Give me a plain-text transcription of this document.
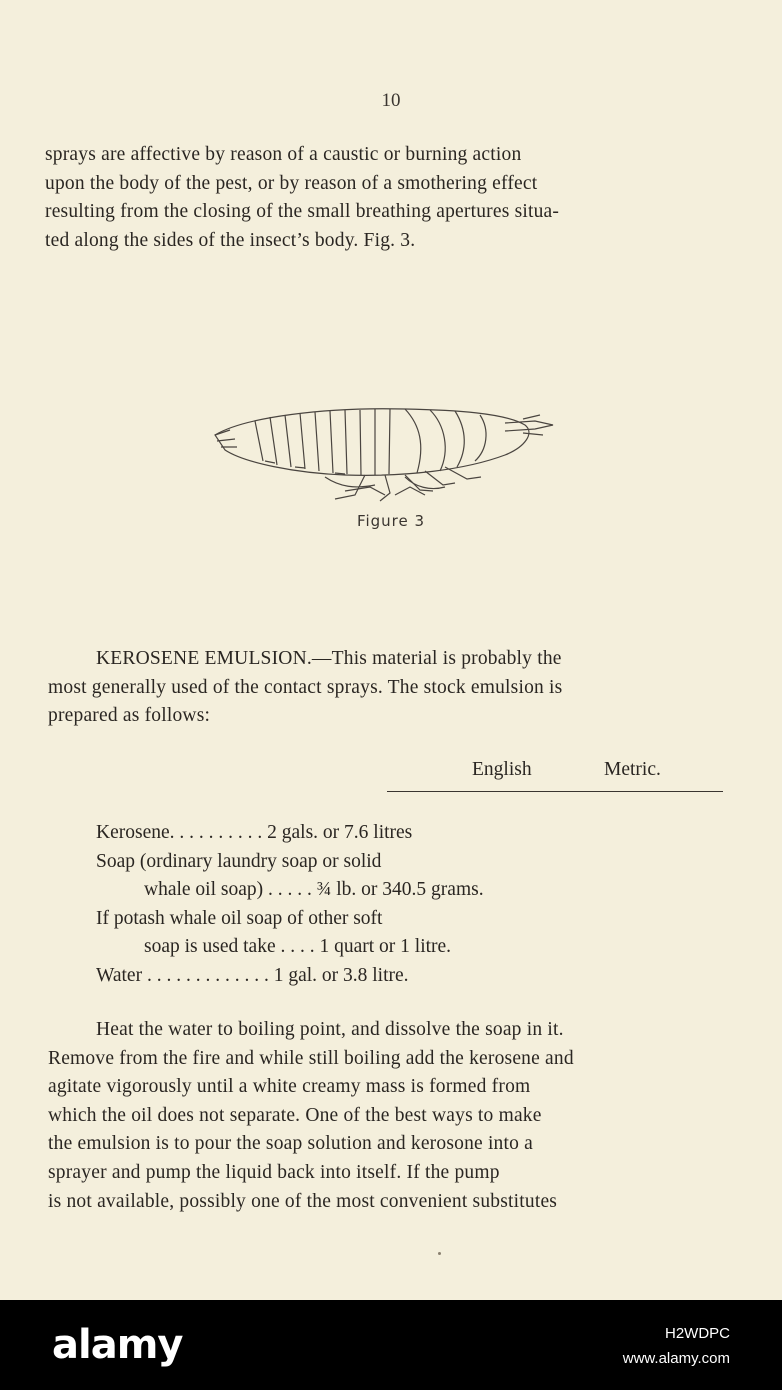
10
sprays are affective by reason of a caustic or burning action
upon the body of the pest, or by reason of a smothering effect
resulting from the closing of the small breathing apertures situa-
ted along the sides of the insect’s body. Fig. 3.
Figure 3
KEROSENE EMULSION.—This material is probably the
most generally used of the contact sprays. The stock emulsion is
prepared as follows:
English	Metric.
Kerosene. . . . . . . . . . 2 gals. or 7.6 litres
Soap (ordinary laundry soap or solid
whale oil soap) . . . . . ¾ lb. or 340.5 grams.
If potash whale oil soap of other soft
soap is used take . . . . 1 quart or 1 litre.
Water . . . . . . . . . . . . . 1 gal. or 3.8 litre.
Heat the water to boiling point, and dissolve the soap in it.
Remove from the fire and while still boiling add the kerosene and
agitate vigorously until a white creamy mass is formed from
which the oil does not separate. One of the best ways to make
the emulsion is to pour the soap solution and kerosone into a
sprayer and pump the liquid back into itself. If the pump
is not available, possibly one of the most convenient substitutes
alamy	H2WDPC
www.alamy.com
